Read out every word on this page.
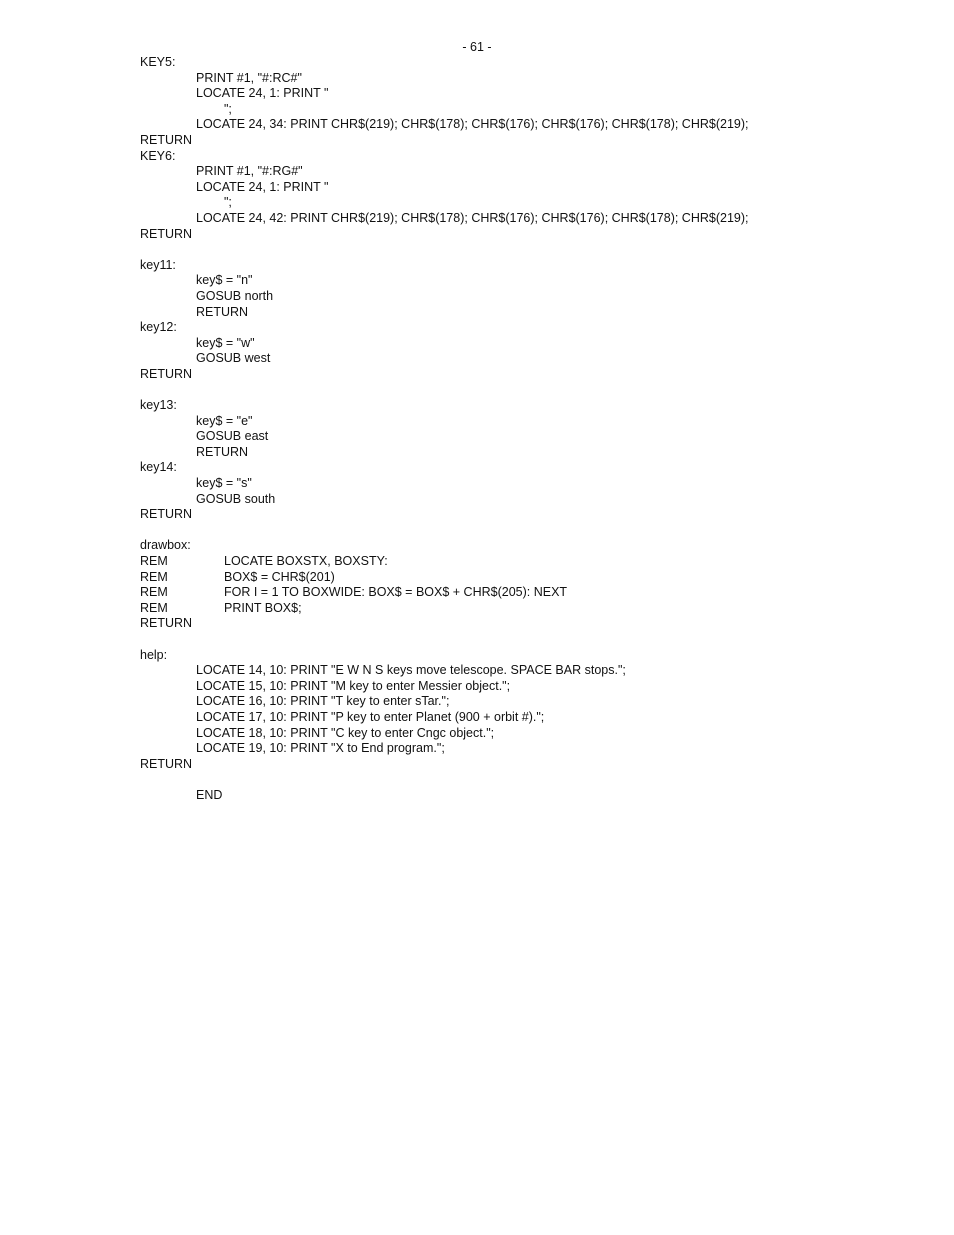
- 61 -
KEY5:
PRINT #1, "#:RC#"
LOCATE 24, 1: PRINT "
";
LOCATE 24, 34: PRINT CHR$(219); CHR$(178); CHR$(176); CHR$(176); CHR$(178); CHR$(219);
RETURN
KEY6:
PRINT #1, "#:RG#"
LOCATE 24, 1: PRINT "
";
LOCATE 24, 42: PRINT CHR$(219); CHR$(178); CHR$(176); CHR$(176); CHR$(178); CHR$(219);
RETURN
key11:
key$ = "n"
GOSUB north
RETURN
key12:
key$ = "w"
GOSUB west
RETURN
key13:
key$ = "e"
GOSUB east
RETURN
key14:
key$ = "s"
GOSUB south
RETURN
drawbox:
REM	LOCATE BOXSTX, BOXSTY:
REM	BOX$ = CHR$(201)
REM	FOR I = 1 TO BOXWIDE: BOX$ = BOX$ + CHR$(205): NEXT
REM	PRINT BOX$;
RETURN
help:
LOCATE 14, 10: PRINT "E W N S keys move telescope. SPACE BAR stops.";
LOCATE 15, 10: PRINT "M key to enter Messier object.";
LOCATE 16, 10: PRINT "T key to enter sTar.";
LOCATE 17, 10: PRINT "P key to enter Planet (900 + orbit #).";
LOCATE 18, 10: PRINT "C key to enter Cngc object.";
LOCATE 19, 10: PRINT "X to End program.";
RETURN
END
